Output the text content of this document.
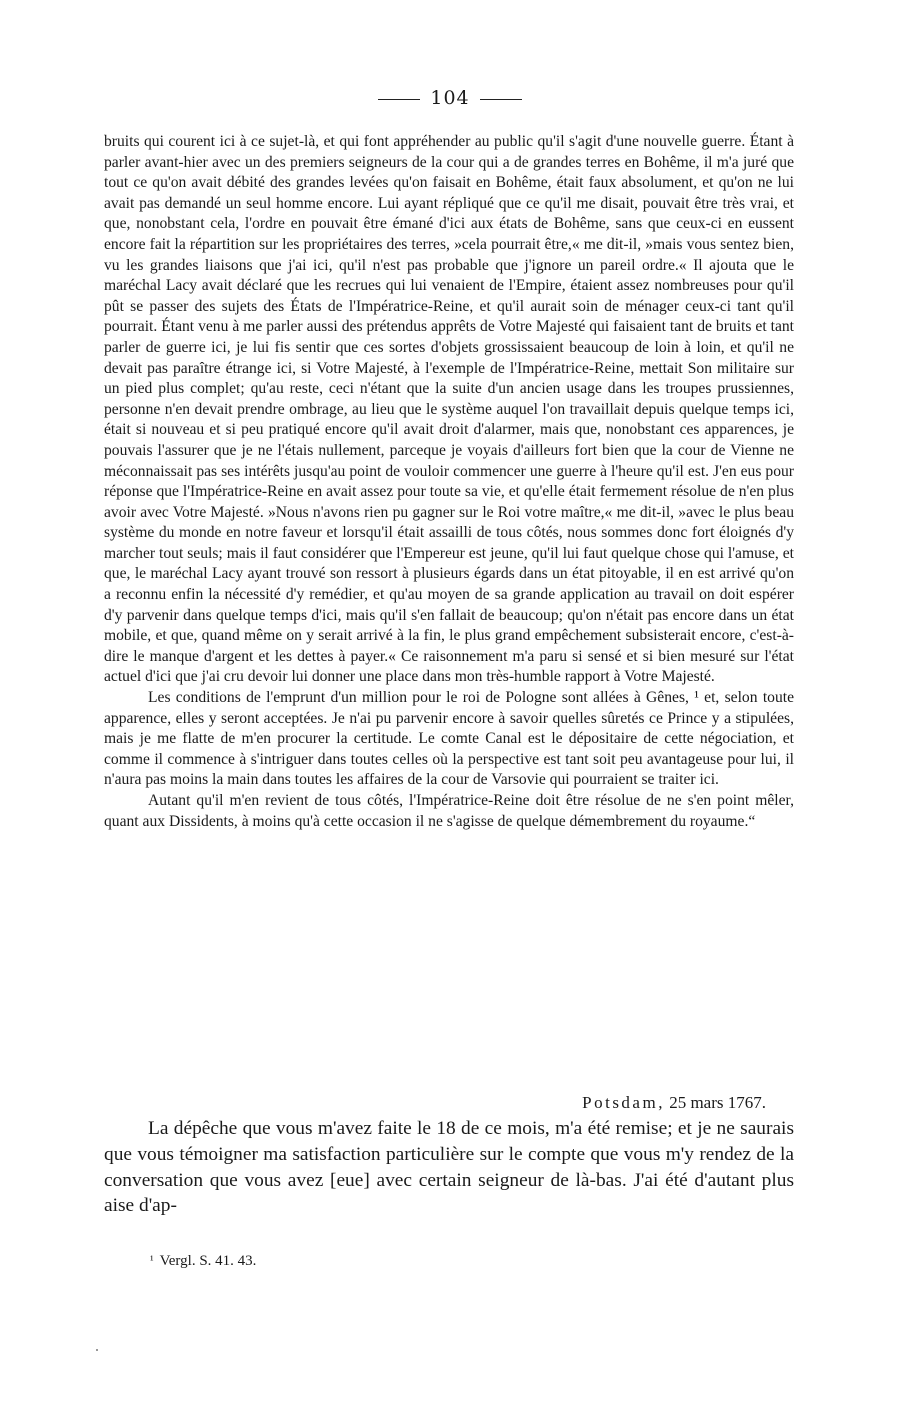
104

bruits qui courent ici à ce sujet-là, et qui font appréhender au public qu'il s'agit d'une nouvelle guerre. Étant à parler avant-hier avec un des premiers seigneurs de la cour qui a de grandes terres en Bohême, il m'a juré que tout ce qu'on avait débité des grandes levées qu'on faisait en Bohême, était faux absolument, et qu'on ne lui avait pas demandé un seul homme encore. Lui ayant répliqué que ce qu'il me disait, pouvait être très vrai, et que, nonobstant cela, l'ordre en pouvait être émané d'ici aux états de Bohême, sans que ceux-ci en eussent encore fait la répartition sur les propriétaires des terres, »cela pourrait être,« me dit-il, »mais vous sentez bien, vu les grandes liaisons que j'ai ici, qu'il n'est pas probable que j'ignore un pareil ordre.« Il ajouta que le maréchal Lacy avait déclaré que les recrues qui lui venaient de l'Empire, étaient assez nombreuses pour qu'il pût se passer des sujets des États de l'Impératrice-Reine, et qu'il aurait soin de ménager ceux-ci tant qu'il pourrait. Étant venu à me parler aussi des prétendus apprêts de Votre Majesté qui faisaient tant de bruits et tant parler de guerre ici, je lui fis sentir que ces sortes d'objets grossissaient beaucoup de loin à loin, et qu'il ne devait pas paraître étrange ici, si Votre Majesté, à l'exemple de l'Impératrice-Reine, mettait Son militaire sur un pied plus complet; qu'au reste, ceci n'étant que la suite d'un ancien usage dans les troupes prussiennes, personne n'en devait prendre ombrage, au lieu que le système auquel l'on travaillait depuis quelque temps ici, était si nouveau et si peu pratiqué encore qu'il avait droit d'alarmer, mais que, nonobstant ces apparences, je pouvais l'assurer que je ne l'étais nullement, parceque je voyais d'ailleurs fort bien que la cour de Vienne ne méconnaissait pas ses intérêts jusqu'au point de vouloir commencer une guerre à l'heure qu'il est. J'en eus pour réponse que l'Impératrice-Reine en avait assez pour toute sa vie, et qu'elle était fermement résolue de n'en plus avoir avec Votre Majesté. »Nous n'avons rien pu gagner sur le Roi votre maître,« me dit-il, »avec le plus beau système du monde en notre faveur et lorsqu'il était assailli de tous côtés, nous sommes donc fort éloignés d'y marcher tout seuls; mais il faut considérer que l'Empereur est jeune, qu'il lui faut quelque chose qui l'amuse, et que, le maréchal Lacy ayant trouvé son ressort à plusieurs égards dans un état pitoyable, il en est arrivé qu'on a reconnu enfin la nécessité d'y remédier, et qu'au moyen de sa grande application au travail on doit espérer d'y parvenir dans quelque temps d'ici, mais qu'il s'en fallait de beaucoup; qu'on n'était pas encore dans un état mobile, et que, quand même on y serait arrivé à la fin, le plus grand empêchement subsisterait encore, c'est-à-dire le manque d'argent et les dettes à payer.« Ce raisonnement m'a paru si sensé et si bien mesuré sur l'état actuel d'ici que j'ai cru devoir lui donner une place dans mon très-humble rapport à Votre Majesté.

Les conditions de l'emprunt d'un million pour le roi de Pologne sont allées à Gênes, ¹ et, selon toute apparence, elles y seront acceptées. Je n'ai pu parvenir encore à savoir quelles sûretés ce Prince y a stipulées, mais je me flatte de m'en procurer la certitude. Le comte Canal est le dépositaire de cette négociation, et comme il commence à s'intriguer dans toutes celles où la perspective est tant soit peu avantageuse pour lui, il n'aura pas moins la main dans toutes les affaires de la cour de Varsovie qui pourraient se traiter ici.

Autant qu'il m'en revient de tous côtés, l'Impératrice-Reine doit être résolue de ne s'en point mêler, quant aux Dissidents, à moins qu'à cette occasion il ne s'agisse de quelque démembrement du royaume.“

Potsdam, 25 mars 1767.

La dépêche que vous m'avez faite le 18 de ce mois, m'a été remise; et je ne saurais que vous témoigner ma satisfaction particulière sur le compte que vous m'y rendez de la conversation que vous avez [eue] avec certain seigneur de là-bas. J'ai été d'autant plus aise d'ap-

¹ Vergl. S. 41. 43.
